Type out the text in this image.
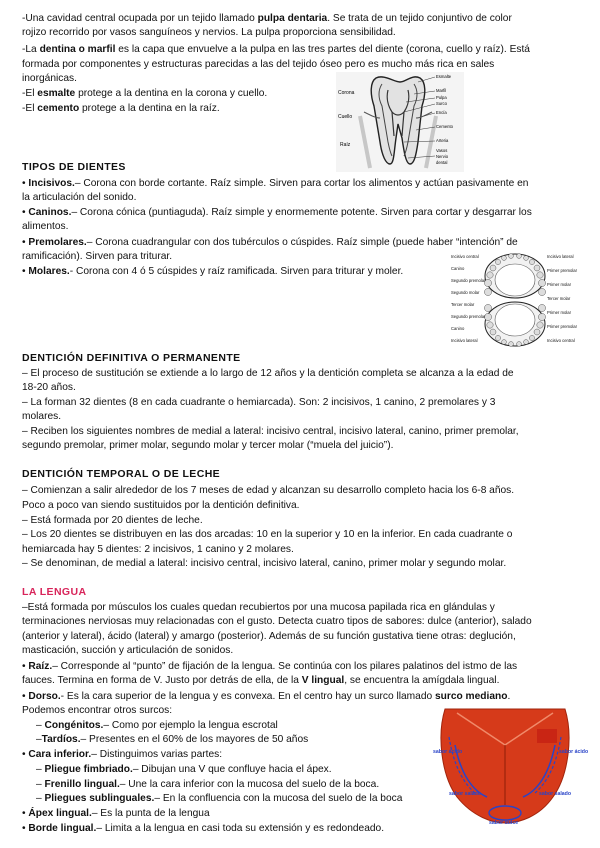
-Una cavidad central ocupada por un tejido llamado pulpa dentaria. Se trata de un tejido conjuntivo de color
rojizo recorrido por vasos sanguíneos y nervios. La pulpa proporciona sensibilidad.
-La dentina o marfil es la capa que envuelve a la pulpa en las tres partes del diente (corona, cuello y raíz). Está
formada por componentes y estructuras parecidas a las del tejido óseo pero es mucho más rica en sales
inorgánicas.
-El esmalte protege a la dentina en la corona y cuello.
-El cemento protege a la dentina en la raíz.
Corona
Cuello
Raíz
Esmalte
Marfil
Pulpa
Surco
Encía
Cemento
Arteria
Vasos
Nervio
dental
TIPOS DE DIENTES
• Incisivos.– Corona con borde cortante. Raíz simple. Sirven para cortar los alimentos y actúan pasivamente en
la articulación del sonido.
• Caninos.– Corona cónica (puntiaguda). Raíz simple y enormemente potente. Sirven para cortar y desgarrar los
alimentos.
• Premolares.– Corona cuadrangular con dos tubérculos o cúspides. Raíz simple (puede haber “intención” de
ramificación). Sirven para triturar.
• Molares.- Corona con 4 ó 5 cúspides y raíz ramificada. Sirven para triturar y moler.
Incisivo central
Canino
Segundo premolar
Segundo molar
Tercer molar
Segundo premolar
Canino
Incisivo lateral
Incisivo lateral
Primer premolar
Primer molar
Tercer molar
Primer molar
Primer premolar
Incisivo central
DENTICIÓN DEFINITIVA O PERMANENTE
– El proceso de sustitución se extiende a lo largo de 12 años y la dentición completa se alcanza a la edad de
18-20 años.
– La forman 32 dientes (8 en cada cuadrante o hemiarcada). Son: 2 incisivos, 1 canino, 2 premolares y 3
molares.
– Reciben los siguientes nombres de medial a lateral: incisivo central, incisivo lateral, canino, primer premolar,
segundo premolar, primer molar, segundo molar y tercer molar (“muela del juicio”).
DENTICIÓN TEMPORAL O DE LECHE
– Comienzan a salir alrededor de los 7 meses de edad y alcanzan su desarrollo completo hacia los 6-8 años.
Poco a poco van siendo sustituidos por la dentición definitiva.
– Está formada por 20 dientes de leche.
– Los 20 dientes se distribuyen en las dos arcadas: 10 en la superior y 10 en la inferior. En cada cuadrante o
hemiarcada hay 5 dientes: 2 incisivos, 1 canino y 2 molares.
– Se denominan, de medial a lateral: incisivo central, incisivo lateral, canino, primer molar y segundo molar.
LA LENGUA
–Está formada por músculos los cuales quedan recubiertos por una mucosa papilada rica en glándulas y
terminaciones nerviosas muy relacionadas con el gusto. Detecta cuatro tipos de sabores: dulce (anterior), salado
(anterior y lateral), ácido (lateral) y amargo (posterior). Además de su función gustativa tiene otras: deglución,
masticación, succión y articulación de sonidos.
• Raíz.– Corresponde al “punto” de fijación de la lengua. Se continúa con los pilares palatinos del istmo de las
fauces. Termina en forma de V. Justo por detrás de ella, de la V lingual, se encuentra la amígdala lingual.
• Dorso.- Es la cara superior de la lengua y es convexa. En el centro hay un surco llamado surco mediano.
Podemos encontrar otros surcos:
– Congénitos.– Como por ejemplo la lengua escrotal
–Tardíos.– Presentes en el 60% de los mayores de 50 años
• Cara inferior.– Distinguimos varias partes:
– Pliegue fimbriado.– Dibujan una V que confluye hacia el ápex.
– Frenillo lingual.– Une la cara inferior con la mucosa del suelo de la boca.
– Pliegues sublinguales.– En la confluencia con la mucosa del suelo de la boca
• Ápex lingual.– Es la punta de la lengua
• Borde lingual.– Limita a la lengua en casi toda su extensión y es redondeado.
sabor ácido	sabor ácido
sabor salado	sabor salado
sabor dulce
